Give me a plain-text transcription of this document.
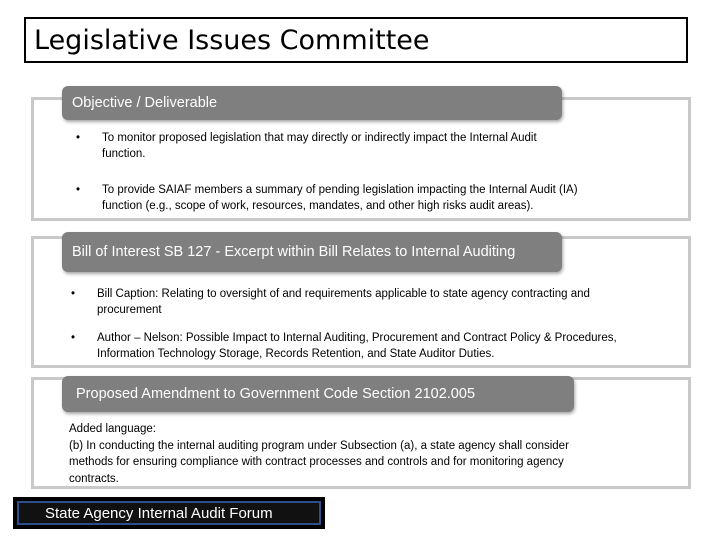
Legislative Issues Committee
Objective / Deliverable
• To monitor proposed legislation that may directly or indirectly impact the Internal Audit
function.
• To provide SAIAF members a summary of pending legislation impacting the Internal Audit (IA)
function (e.g., scope of work, resources, mandates, and other high risks audit areas).
Bill of Interest SB 127 - Excerpt within Bill Relates to Internal Auditing
• Bill Caption: Relating to oversight of and requirements applicable to state agency contracting and
procurement
• Author – Nelson: Possible Impact to Internal Auditing, Procurement and Contract Policy & Procedures,
Information Technology Storage, Records Retention, and State Auditor Duties.
Proposed Amendment to Government Code Section 2102.005
Added language:
(b) In conducting the internal auditing program under Subsection (a), a state agency shall consider
methods for ensuring compliance with contract processes and controls and for monitoring agency
contracts.
State Agency Internal Audit Forum
